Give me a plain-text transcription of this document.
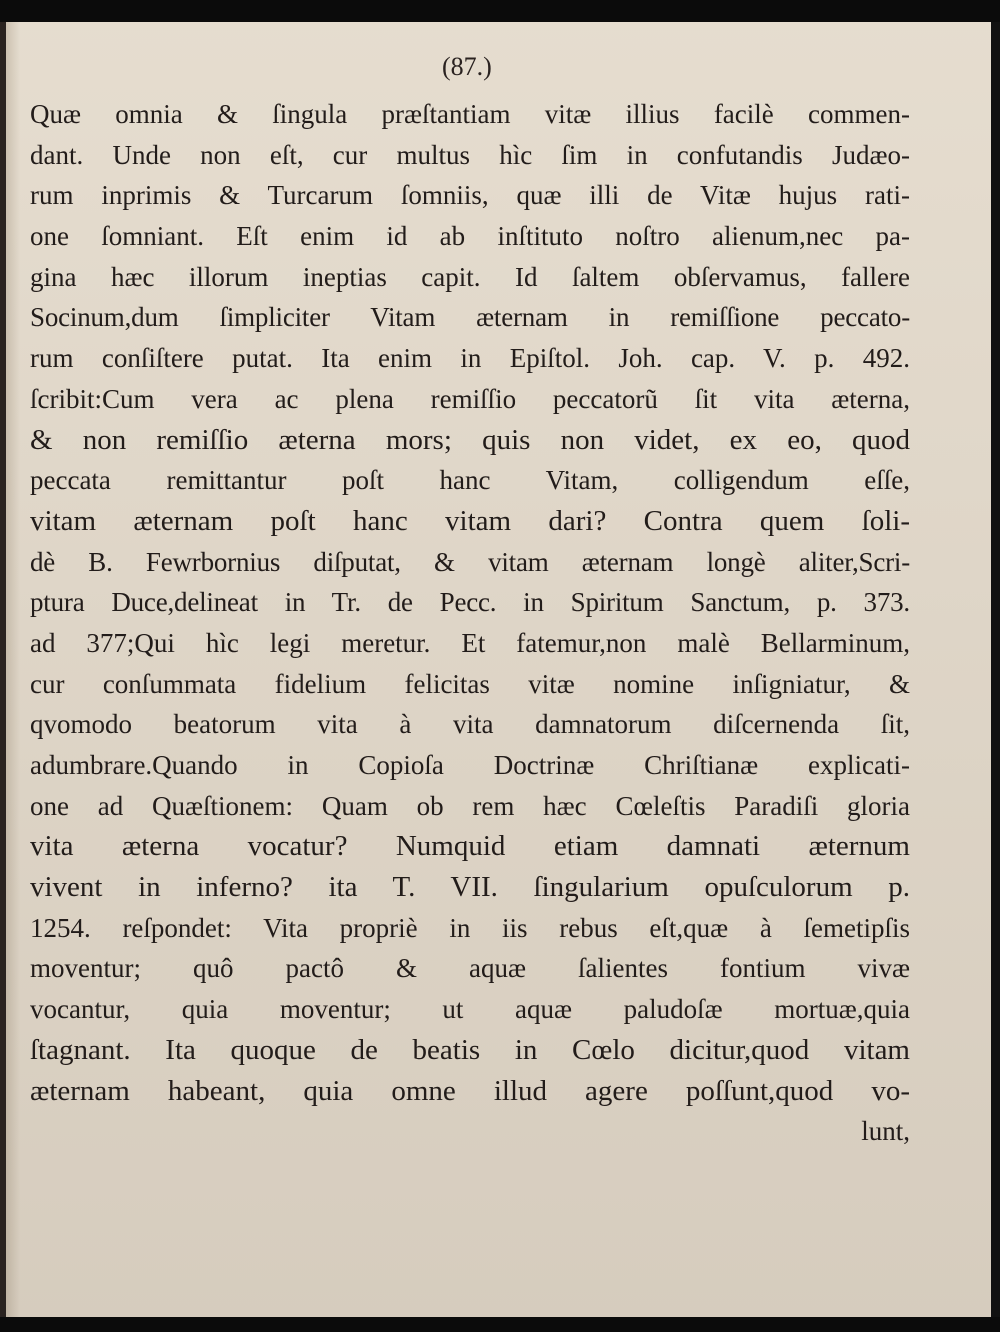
(87.)
Quæ omnia & ſingula præſtantiam vitæ illius facilè commen-
dant. Unde non eſt, cur multus hìc ſim in confutandis Judæo-
rum inprimis & Turcarum ſomniis, quæ illi de Vitæ hujus rati-
one ſomniant. Eſt enim id ab inſtituto noſtro alienum,nec pa-
gina hæc illorum ineptias capit. Id ſaltem obſervamus, fallere
Socinum,dum ſimpliciter Vitam æternam in remiſſione peccato-
rum conſiſtere putat. Ita enim in Epiſtol. Joh. cap. V. p. 492.
ſcribit:Cum vera ac plena remiſſio peccatorũ ſit vita æterna,
& non remiſſio æterna mors; quis non videt, ex eo, quod
peccata remittantur poſt hanc Vitam, colligendum eſſe,
vitam æternam poſt hanc vitam dari? Contra quem ſoli-
dè B. Fewrbornius diſputat, & vitam æternam longè aliter,Scri-
ptura Duce,delineat in Tr. de Pecc. in Spiritum Sanctum, p. 373.
ad 377;Qui hìc legi meretur. Et fatemur,non malè Bellarminum,
cur conſummata fidelium felicitas vitæ nomine inſigniatur, &
qvomodo beatorum vita à vita damnatorum diſcernenda ſit,
adumbrare.Quando in Copioſa Doctrinæ Chriſtianæ explicati-
one ad Quæſtionem: Quam ob rem hæc Cœleſtis Paradiſi gloria
vita æterna vocatur? Numquid etiam damnati æternum
vivent in inferno? ita T. VII. ſingularium opuſculorum p.
1254. reſpondet: Vita propriè in iis rebus eſt,quæ à ſemetipſis
moventur; quô pactô & aquæ ſalientes fontium vivæ
vocantur, quia moventur; ut aquæ paludoſæ mortuæ,quia
ſtagnant. Ita quoque de beatis in Cœlo dicitur,quod vitam
æternam habeant, quia omne illud agere poſſunt,quod vo-
lunt,
